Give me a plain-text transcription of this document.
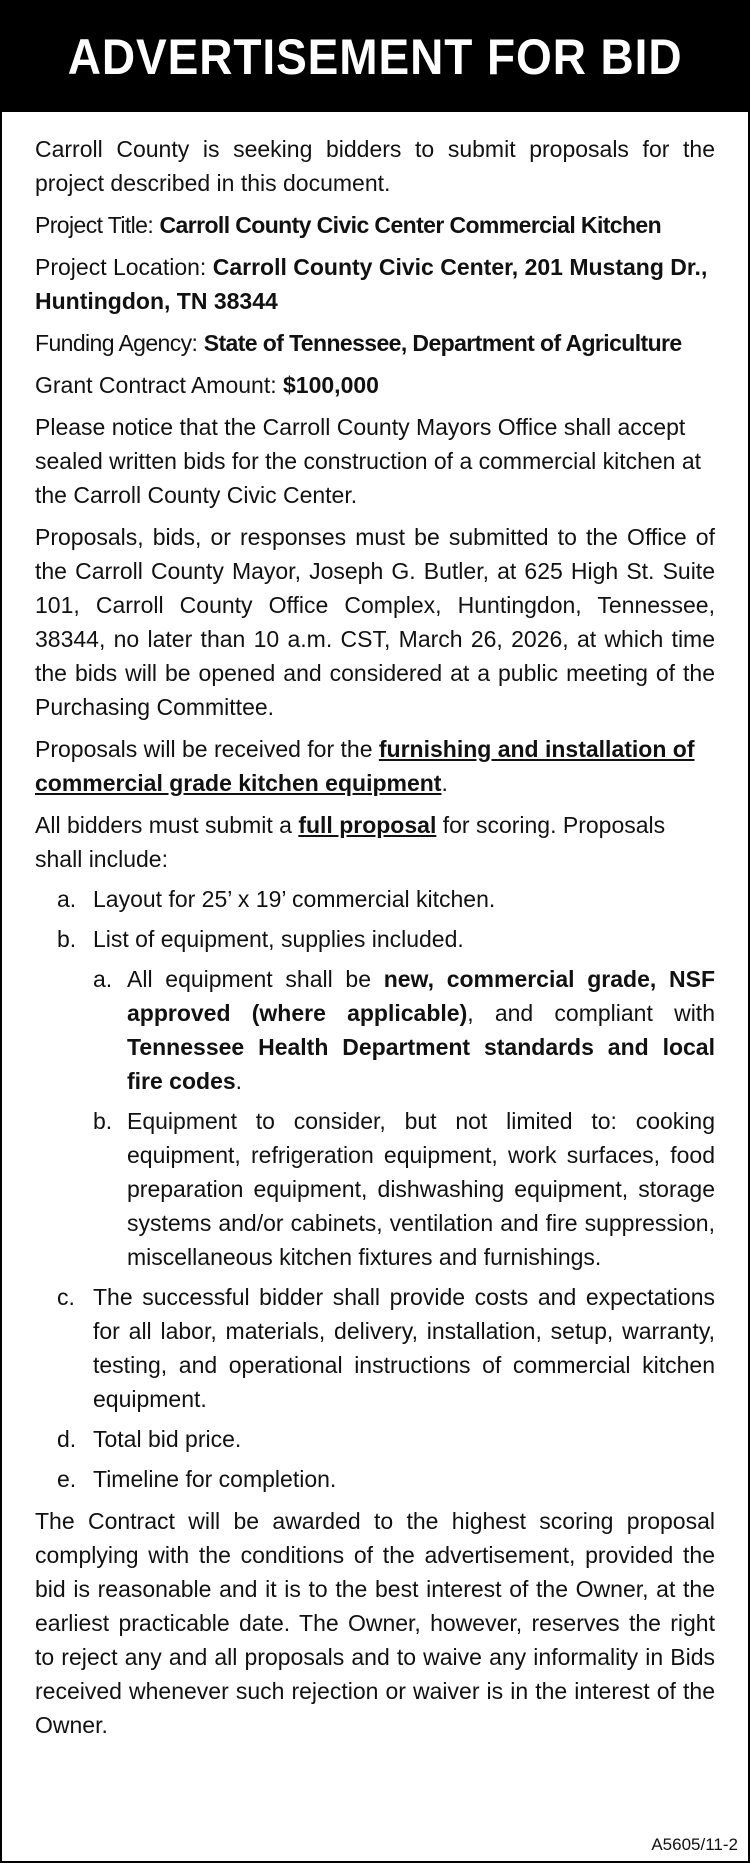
ADVERTISEMENT FOR BID

Carroll County is seeking bidders to submit proposals for the project described in this document.

Project Title: Carroll County Civic Center Commercial Kitchen

Project Location: Carroll County Civic Center, 201 Mustang Dr., Huntingdon, TN 38344

Funding Agency: State of Tennessee, Department of Agriculture

Grant Contract Amount: $100,000

Please notice that the Carroll County Mayors Office shall accept sealed written bids for the construction of a commercial kitchen at the Carroll County Civic Center.

Proposals, bids, or responses must be submitted to the Office of the Carroll County Mayor, Joseph G. Butler, at 625 High St. Suite 101, Carroll County Office Complex, Huntingdon, Tennessee, 38344, no later than 10 a.m. CST, March 26, 2026, at which time the bids will be opened and considered at a public meeting of the Purchasing Committee.

Proposals will be received for the furnishing and installation of commercial grade kitchen equipment.

All bidders must submit a full proposal for scoring. Proposals shall include:

a. Layout for 25’ x 19’ commercial kitchen.
b. List of equipment, supplies included.
a. All equipment shall be new, commercial grade, NSF approved (where applicable), and compliant with Tennessee Health Department standards and local fire codes.
b. Equipment to consider, but not limited to: cooking equipment, refrigeration equipment, work surfaces, food preparation equipment, dishwashing equipment, storage systems and/or cabinets, ventilation and fire suppression, miscellaneous kitchen fixtures and furnishings.
c. The successful bidder shall provide costs and expectations for all labor, materials, delivery, installation, setup, warranty, testing, and operational instructions of commercial kitchen equipment.
d. Total bid price.
e. Timeline for completion.

The Contract will be awarded to the highest scoring proposal complying with the conditions of the advertisement, provided the bid is reasonable and it is to the best interest of the Owner, at the earliest practicable date. The Owner, however, reserves the right to reject any and all proposals and to waive any informality in Bids received whenever such rejection or waiver is in the interest of the Owner.

A5605/11-2
